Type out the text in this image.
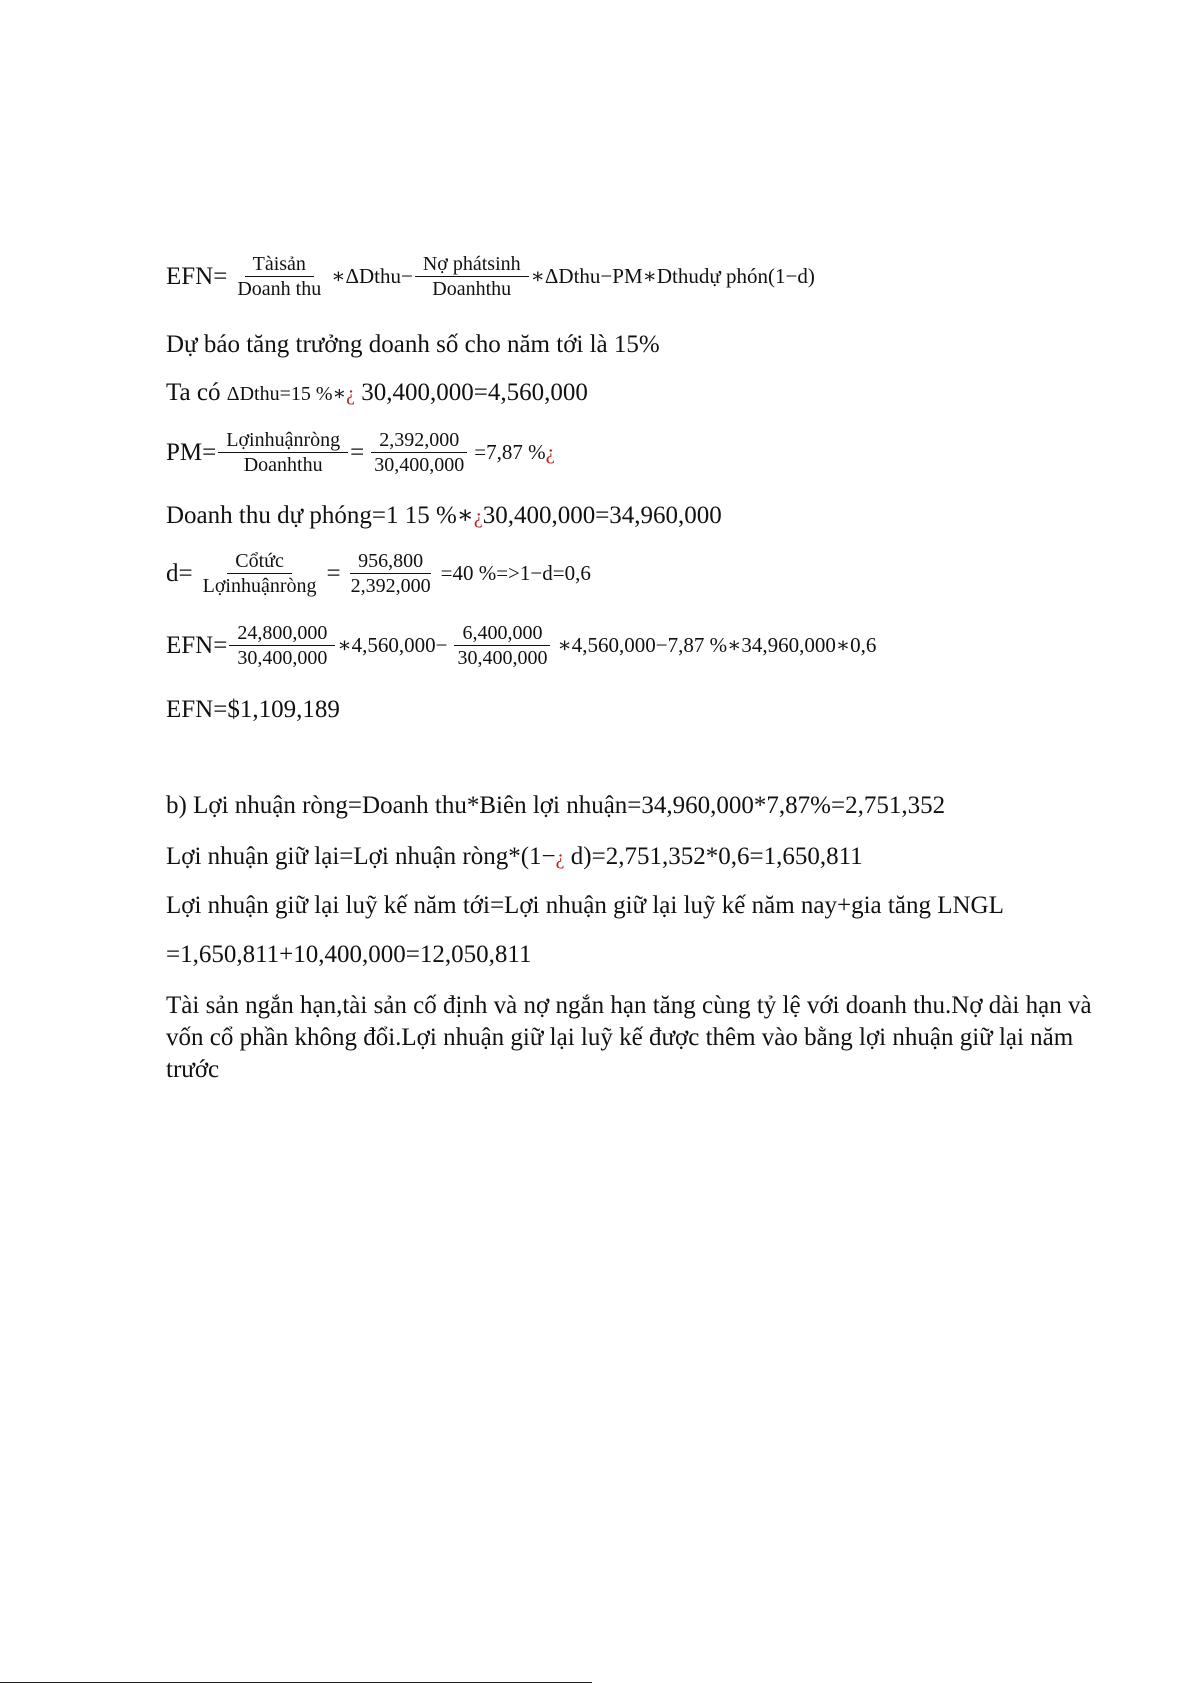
$EFN= \frac{\text{Tàisản}}{\text{Doanh thu}}$ ∗ΔDthu− $\frac{\text{Nợ phátsinh}}{\text{Doanhthu}}$ ∗ΔDthu−PM∗Dthudự phón(1−d)
Dự báo tăng trưởng doanh số cho năm tới là 15%
Ta có ΔDthu=15 %∗¿ 30,400,000=4,560,000
$PM= \frac{\text{Lợinhuậnròng}}{\text{Doanhthu}} = \frac{2,392,000}{30,400,000} =7,87$ % ¿
Doanh thu dự phóng=1 15 %∗¿30,400,000=34,960,000
$d= \frac{\text{Cổtức}}{\text{Lợinhuậnròng}} = \frac{956,800}{2,392,000} =40$ %=>1−d=0,6
$EFN= \frac{24,800,000}{30,400,000}$ ∗4,560,000− $\frac{6,400,000}{30,400,000}$ ∗4,560,000−7,87 %∗34,960,000∗0,6
EFN=$1,109,189
b) Lợi nhuận ròng=Doanh thu*Biên lợi nhuận=34,960,000*7,87%=2,751,352
Lợi nhuận giữ lại=Lợi nhuận ròng*(1−¿ d)=2,751,352*0,6=1,650,811
Lợi nhuận giữ lại luỹ kế năm tới=Lợi nhuận giữ lại luỹ kế năm nay+gia tăng LNGL
=1,650,811+10,400,000=12,050,811
Tài sản ngắn hạn,tài sản cố định và nợ ngắn hạn tăng cùng tỷ lệ với doanh thu.Nợ dài hạn và vốn cổ phần không đổi.Lợi nhuận giữ lại luỹ kế được thêm vào bằng lợi nhuận giữ lại năm trước
